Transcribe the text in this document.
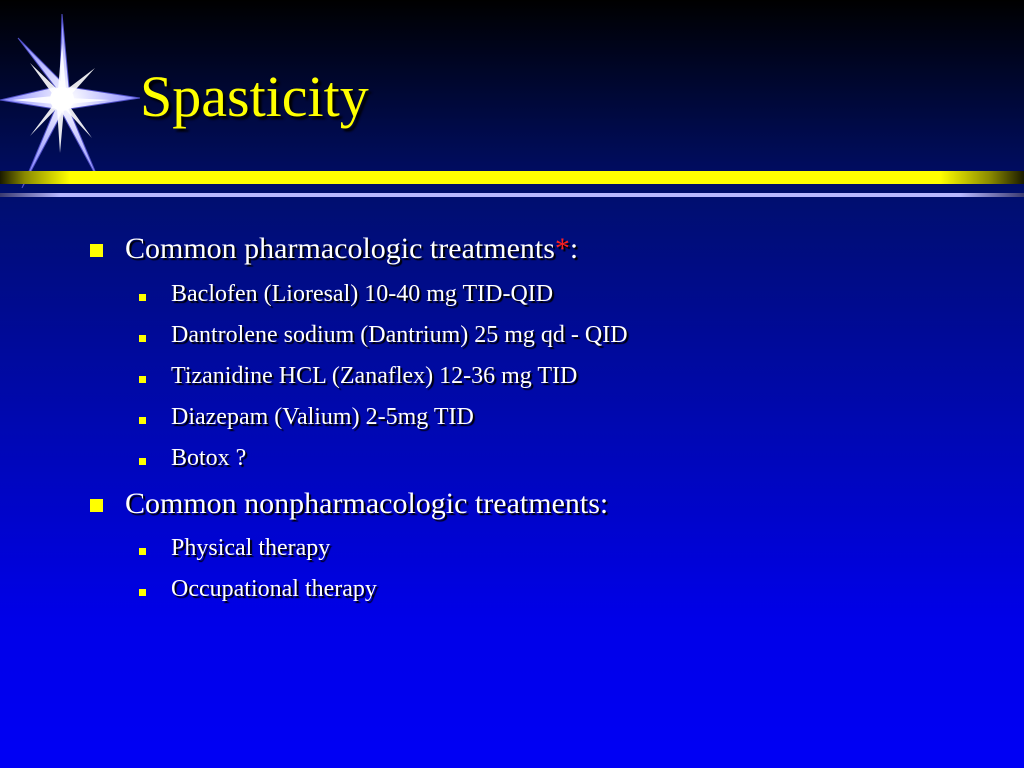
Spasticity
Common pharmacologic treatments*:
Baclofen (Lioresal) 10-40 mg TID-QID
Dantrolene sodium (Dantrium) 25 mg qd - QID
Tizanidine HCL (Zanaflex) 12-36 mg TID
Diazepam (Valium) 2-5mg TID
Botox ?
Common nonpharmacologic treatments:
Physical therapy
Occupational therapy
